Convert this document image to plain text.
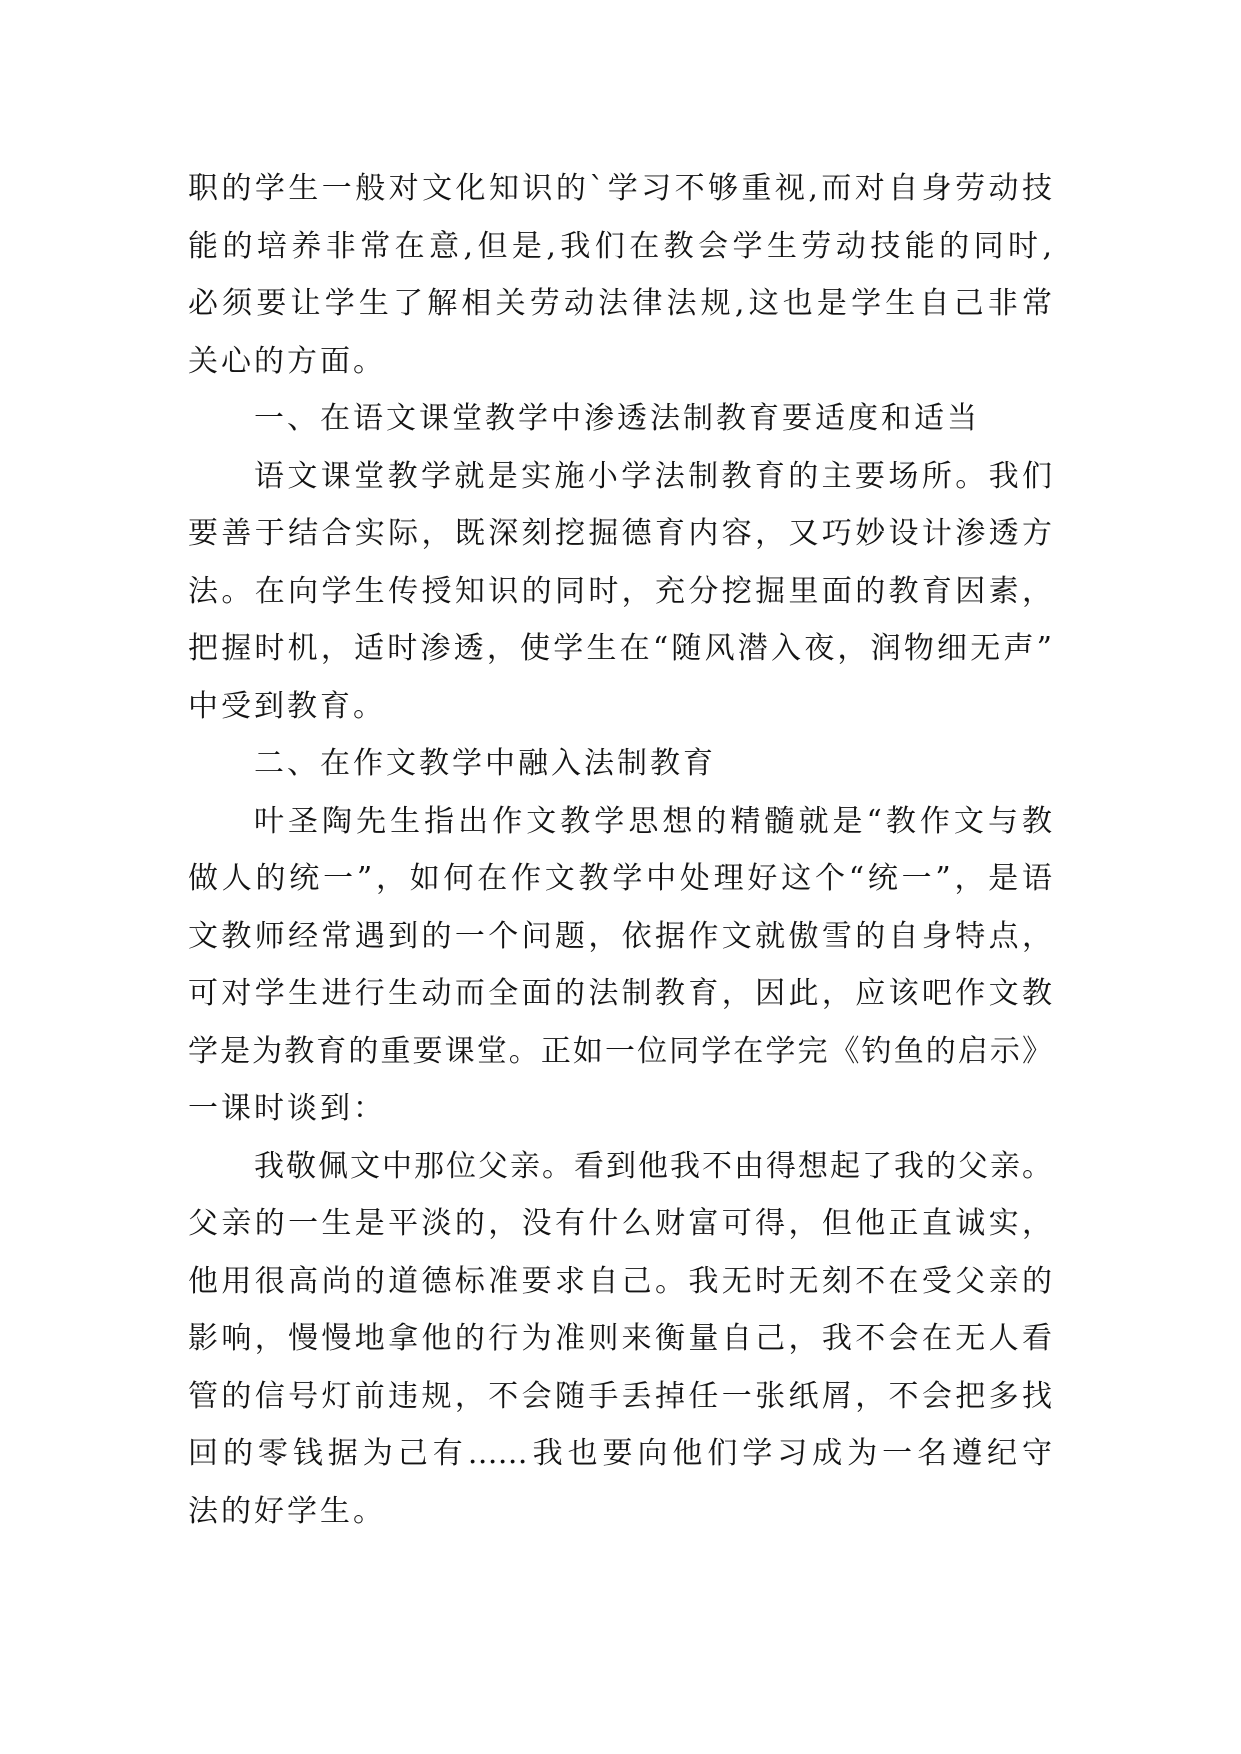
职的学生一般对文化知识的`学习不够重视,而对自身劳动技
能的培养非常在意,但是,我们在教会学生劳动技能的同时,
必须要让学生了解相关劳动法律法规,这也是学生自己非常
关心的方面。
一、在语文课堂教学中渗透法制教育要适度和适当
语文课堂教学就是实施小学法制教育的主要场所。我们
要善于结合实际，既深刻挖掘德育内容，又巧妙设计渗透方
法。在向学生传授知识的同时，充分挖掘里面的教育因素，
把握时机，适时渗透，使学生在“随风潜入夜，润物细无声”
中受到教育。
二、在作文教学中融入法制教育
叶圣陶先生指出作文教学思想的精髓就是“教作文与教
做人的统一”，如何在作文教学中处理好这个“统一”，是语
文教师经常遇到的一个问题，依据作文就傲雪的自身特点，
可对学生进行生动而全面的法制教育，因此，应该吧作文教
学是为教育的重要课堂。正如一位同学在学完《钓鱼的启示》
一课时谈到：
我敬佩文中那位父亲。看到他我不由得想起了我的父亲。
父亲的一生是平淡的，没有什么财富可得，但他正直诚实，
他用很高尚的道德标准要求自己。我无时无刻不在受父亲的
影响，慢慢地拿他的行为准则来衡量自己，我不会在无人看
管的信号灯前违规，不会随手丢掉任一张纸屑，不会把多找
回的零钱据为己有……我也要向他们学习成为一名遵纪守
法的好学生。
